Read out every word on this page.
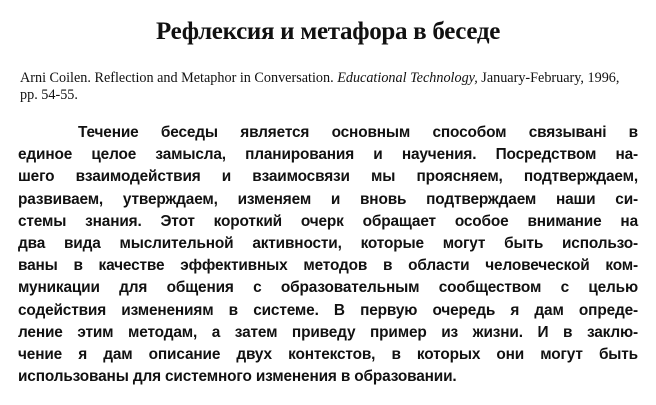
Рефлексия и метафора в беседе

Arni Coilen. Reflection and Metaphor in Conversation. Educational Technology, January-February, 1996, pp. 54-55.

Течение беседы является основным способом связывані в
единое целое замысла, планирования и научения. Посредством на-
шего взаимодействия и взаимосвязи мы проясняем, подтверждаем,
развиваем, утверждаем, изменяем и вновь подтверждаем наши си-
стемы знания. Этот короткий очерк обращает особое внимание на
два вида мыслительной активности, которые могут быть использо-
ваны в качестве эффективных методов в области человеческой ком-
муникации для общения с образовательным сообществом с целью
содействия изменениям в системе. В первую очередь я дам опреде-
ление этим методам, а затем приведу пример из жизни. И в заклю-
чение я дам описание двух контекстов, в которых они могут быть
использованы для системного изменения в образовании.
